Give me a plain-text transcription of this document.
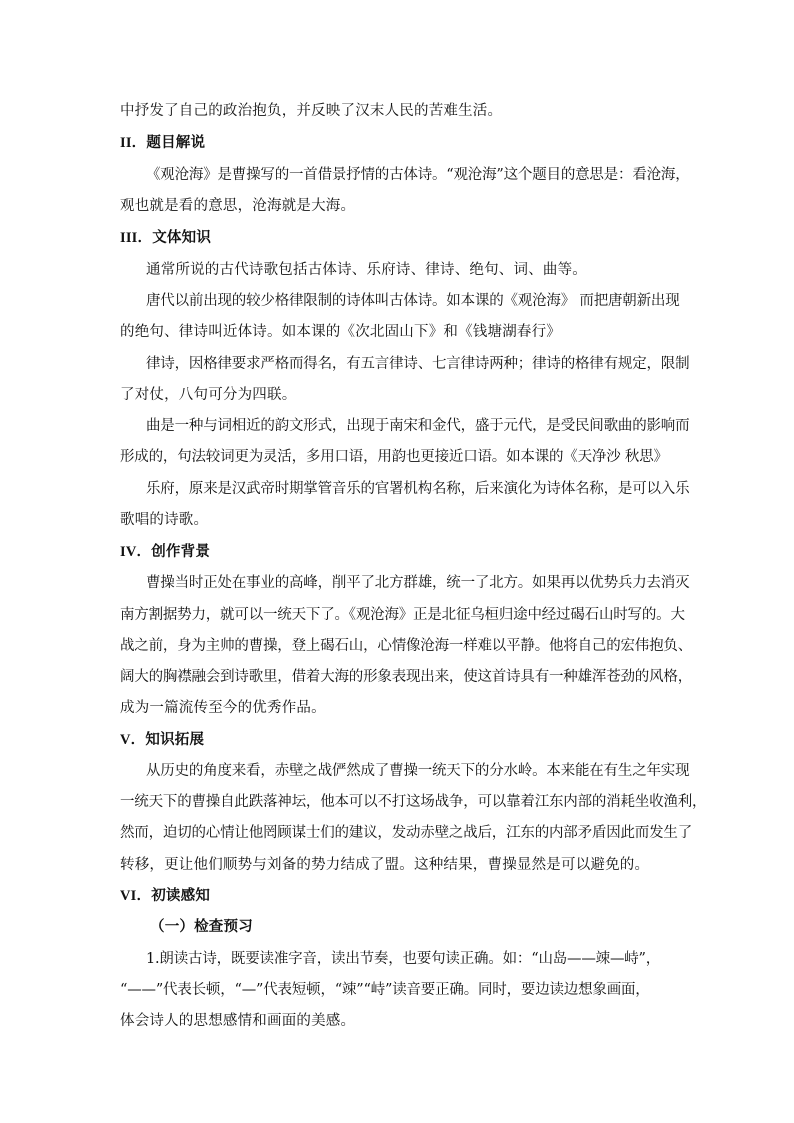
中抒发了自己的政治抱负，并反映了汉末人民的苦难生活。
II．题目解说
《观沧海》是曹操写的一首借景抒情的古体诗。“观沧海”这个题目的意思是：看沧海，
观也就是看的意思，沧海就是大海。
III．文体知识
通常所说的古代诗歌包括古体诗、乐府诗、律诗、绝句、词、曲等。
唐代以前出现的较少格律限制的诗体叫古体诗。如本课的《观沧海》 而把唐朝新出现
的绝句、律诗叫近体诗。如本课的《次北固山下》和《钱塘湖春行》
律诗，因格律要求严格而得名，有五言律诗、七言律诗两种；律诗的格律有规定，限制
了对仗，八句可分为四联。
曲是一种与词相近的韵文形式，出现于南宋和金代，盛于元代，是受民间歌曲的影响而
形成的，句法较词更为灵活，多用口语，用韵也更接近口语。如本课的《天净沙 秋思》
乐府，原来是汉武帝时期掌管音乐的官署机构名称，后来演化为诗体名称，是可以入乐
歌唱的诗歌。
IV．创作背景
曹操当时正处在事业的高峰，削平了北方群雄，统一了北方。如果再以优势兵力去消灭
南方割据势力，就可以一统天下了。《观沧海》正是北征乌桓归途中经过碣石山时写的。大
战之前，身为主帅的曹操，登上碣石山，心情像沧海一样难以平静。他将自己的宏伟抱负、
阔大的胸襟融会到诗歌里，借着大海的形象表现出来，使这首诗具有一种雄浑苍劲的风格，
成为一篇流传至今的优秀作品。
V．知识拓展
从历史的角度来看，赤壁之战俨然成了曹操一统天下的分水岭。本来能在有生之年实现
一统天下的曹操自此跌落神坛，他本可以不打这场战争，可以靠着江东内部的消耗坐收渔利，
然而，迫切的心情让他罔顾谋士们的建议，发动赤壁之战后，江东的内部矛盾因此而发生了
转移，更让他们顺势与刘备的势力结成了盟。这种结果，曹操显然是可以避免的。
VI．初读感知
（一）检查预习
1.朗读古诗，既要读准字音，读出节奏，也要句读正确。如：“山岛——竦—峙”，
“——”代表长顿，“—”代表短顿，“竦”“峙”读音要正确。同时，要边读边想象画面，
体会诗人的思想感情和画面的美感。
